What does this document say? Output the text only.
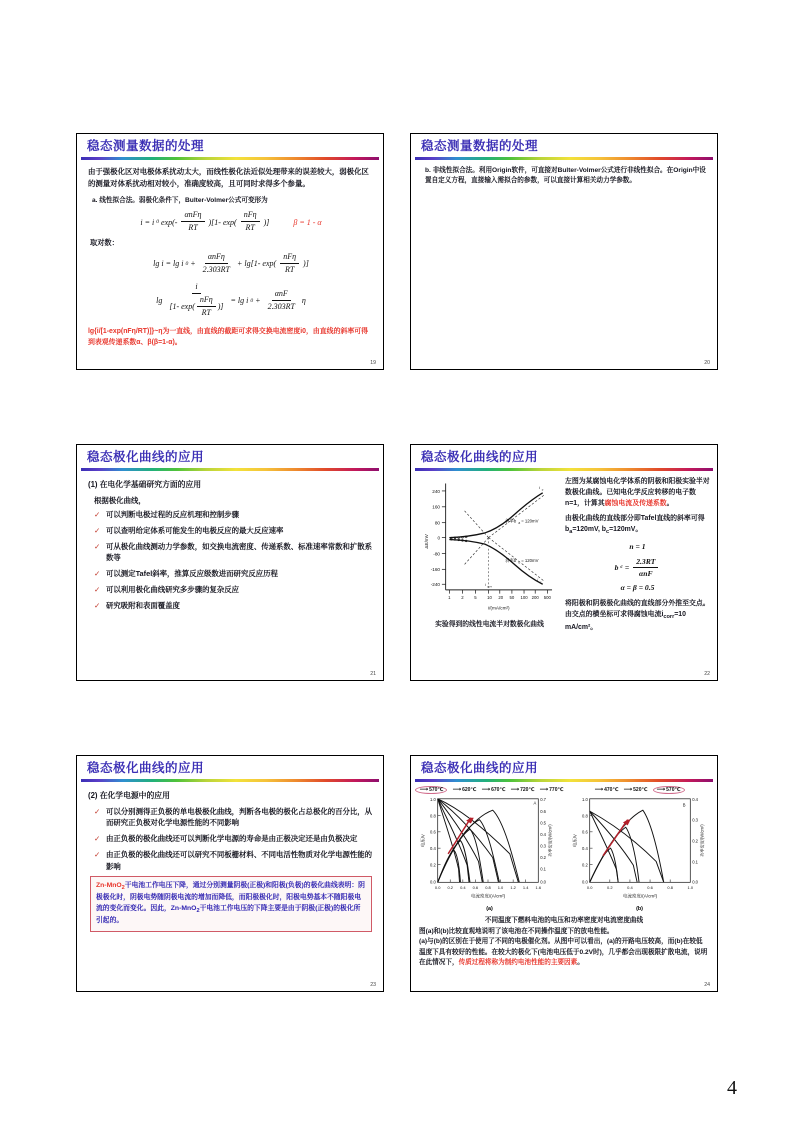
稳态测量数据的处理
由于强极化区对电极体系扰动太大，而线性极化法近似处理带来的误差较大，弱极化区的测量对体系扰动相对较小，准确度较高，且可同时求得多个参量。
a. 线性拟合法。弱极化条件下，Bulter-Volmer公式可变形为
i = i 0 $\exp(- \frac{\text{αnFη}}{RT} )[1-$ $\exp( \frac{\text{nFη}}{RT}$ )]	β = 1 - α
取对数：
lg i = lg i $0 + \frac{\text{αnFη}}{2.303RT} + \lg[1-$ $\exp( \frac{\text{nFη}}{RT}$ )]
lg
i
[1- $\exp( \frac{\text{nFη}}{RT}$ )]
= lg i $0 + \frac{\text{αnF}}{2.303RT}$ η
lg{i/[1-exp(nFη/RT)]}~η为一直线，由直线的截距可求得交换电流密度i0，由直线的斜率可得到表观传递系数α、β(β=1-α)。
19
稳态测量数据的处理
b. 非线性拟合法。利用Origin软件，可直接对Bulter-Volmer公式进行非线性拟合。在Origin中设置自定义方程，直接输入需拟合的参数，可以直接计算相关动力学参数。
20
稳态极化曲线的应用
(1) 在电化学基础研究方面的应用
根据极化曲线，
✓ 可以判断电极过程的反应机理和控制步骤
✓ 可以查明给定体系可能发生的电极反应的最大反应速率
✓ 可从极化曲线测动力学参数，如交换电流密度、传递系数、标准速率常数和扩散系数等
✓ 可以测定Tafel斜率，推算反应级数进而研究反应历程
✓ 可以利用极化曲线研究多步骤的复杂反应
✓ 研究吸附和表面覆盖度
21
稳态极化曲线的应用
240
160
80
0
-80
-160
-240
1 2 5 10 20 50 100 200 500
i/(mA/cm²)
ΔE/mV
i a
i c
i corr
斜率b a = 120mV
斜率b c = 120mV
实验得到的线性电流半对数极化曲线

左图为某腐蚀电化学体系的阴极和阳极实验半对数极化曲线。已知电化学反应转移的电子数n=1，计算其腐蚀电流及传递系数。

由极化曲线的直线部分即Tafel直线的斜率可得$b_a=120mV$, $b_c=120mV$。

n = 1
b $c = \frac{2.3RT}{\text{αnF}}$
α = β = 0.5

将阳极和阴极极化曲线的直线部分外推至交点。由交点的横坐标可求得腐蚀电流$i_{corr}=10$ mA/cm²。

22
稳态极化曲线的应用
(2) 在化学电源中的应用
✓ 可以分别测得正负极的单电极极化曲线，判断各电极的极化占总极化的百分比，从而研究正负极对化学电源性能的不同影响
✓ 由正负极的极化曲线还可以判断化学电源的寿命是由正极决定还是由负极决定
✓ 由正负极的极化曲线还可以研究不同板栅材料、不同电活性物质对化学电源性能的影响
Zn-MnO$_2$干电池工作电压下降，通过分别测量阴极(正极)和阳极(负极)的极化曲线表明：阴极极化时，阴极电势随阴极电流的增加而降低，而阳极极化时，阳极电势基本不随阳极电流的变化而变化。因此，Zn-MnO$_2$干电池工作电压的下降主要是由于阴极(正极)的极化所引起的。
23
稳态极化曲线的应用
⟶ 570℃ ⟶ 620℃ ⟶ 670℃ ⟶ 720℃ ⟶ 770℃
1.0
0.8
0.6
0.4
0.2
0.0
0.7
0.6
0.5
0.4
0.3
0.2
0.1
0.0
0.0 0.2 0.4 0.6 0.8 1.0 1.2 1.4 1.6
电流密度/(A/cm²)
电压/V	功率密度/(W/cm²)
A
(a)
⟶ 470℃ ⟶ 520℃ ⟶ 570℃
1.0
0.8
0.6
0.4
0.2
0.0
0.4
0.3
0.2
0.1
0.0
0.0	0.2	0.4	0.6	0.8	1.0
电流密度/(A/cm²)
电压/V	功率密度/(W/cm²)
B
(b)
不同温度下燃料电池的电压和功率密度对电流密度曲线
图(a)和(b)比较直观地说明了该电池在不同操作温度下的放电性能。
(a)与(b)的区别在于使用了不同的电极催化剂。从图中可以看出，(a)的开路电压较高，而(b)在较低温度下具有较好的性能。在较大的极化下(电池电压低于0.2V时)，几乎都会出现极限扩散电流，说明在此情况下，传质过程将称为制约电池性能的主要因素。
24
4
